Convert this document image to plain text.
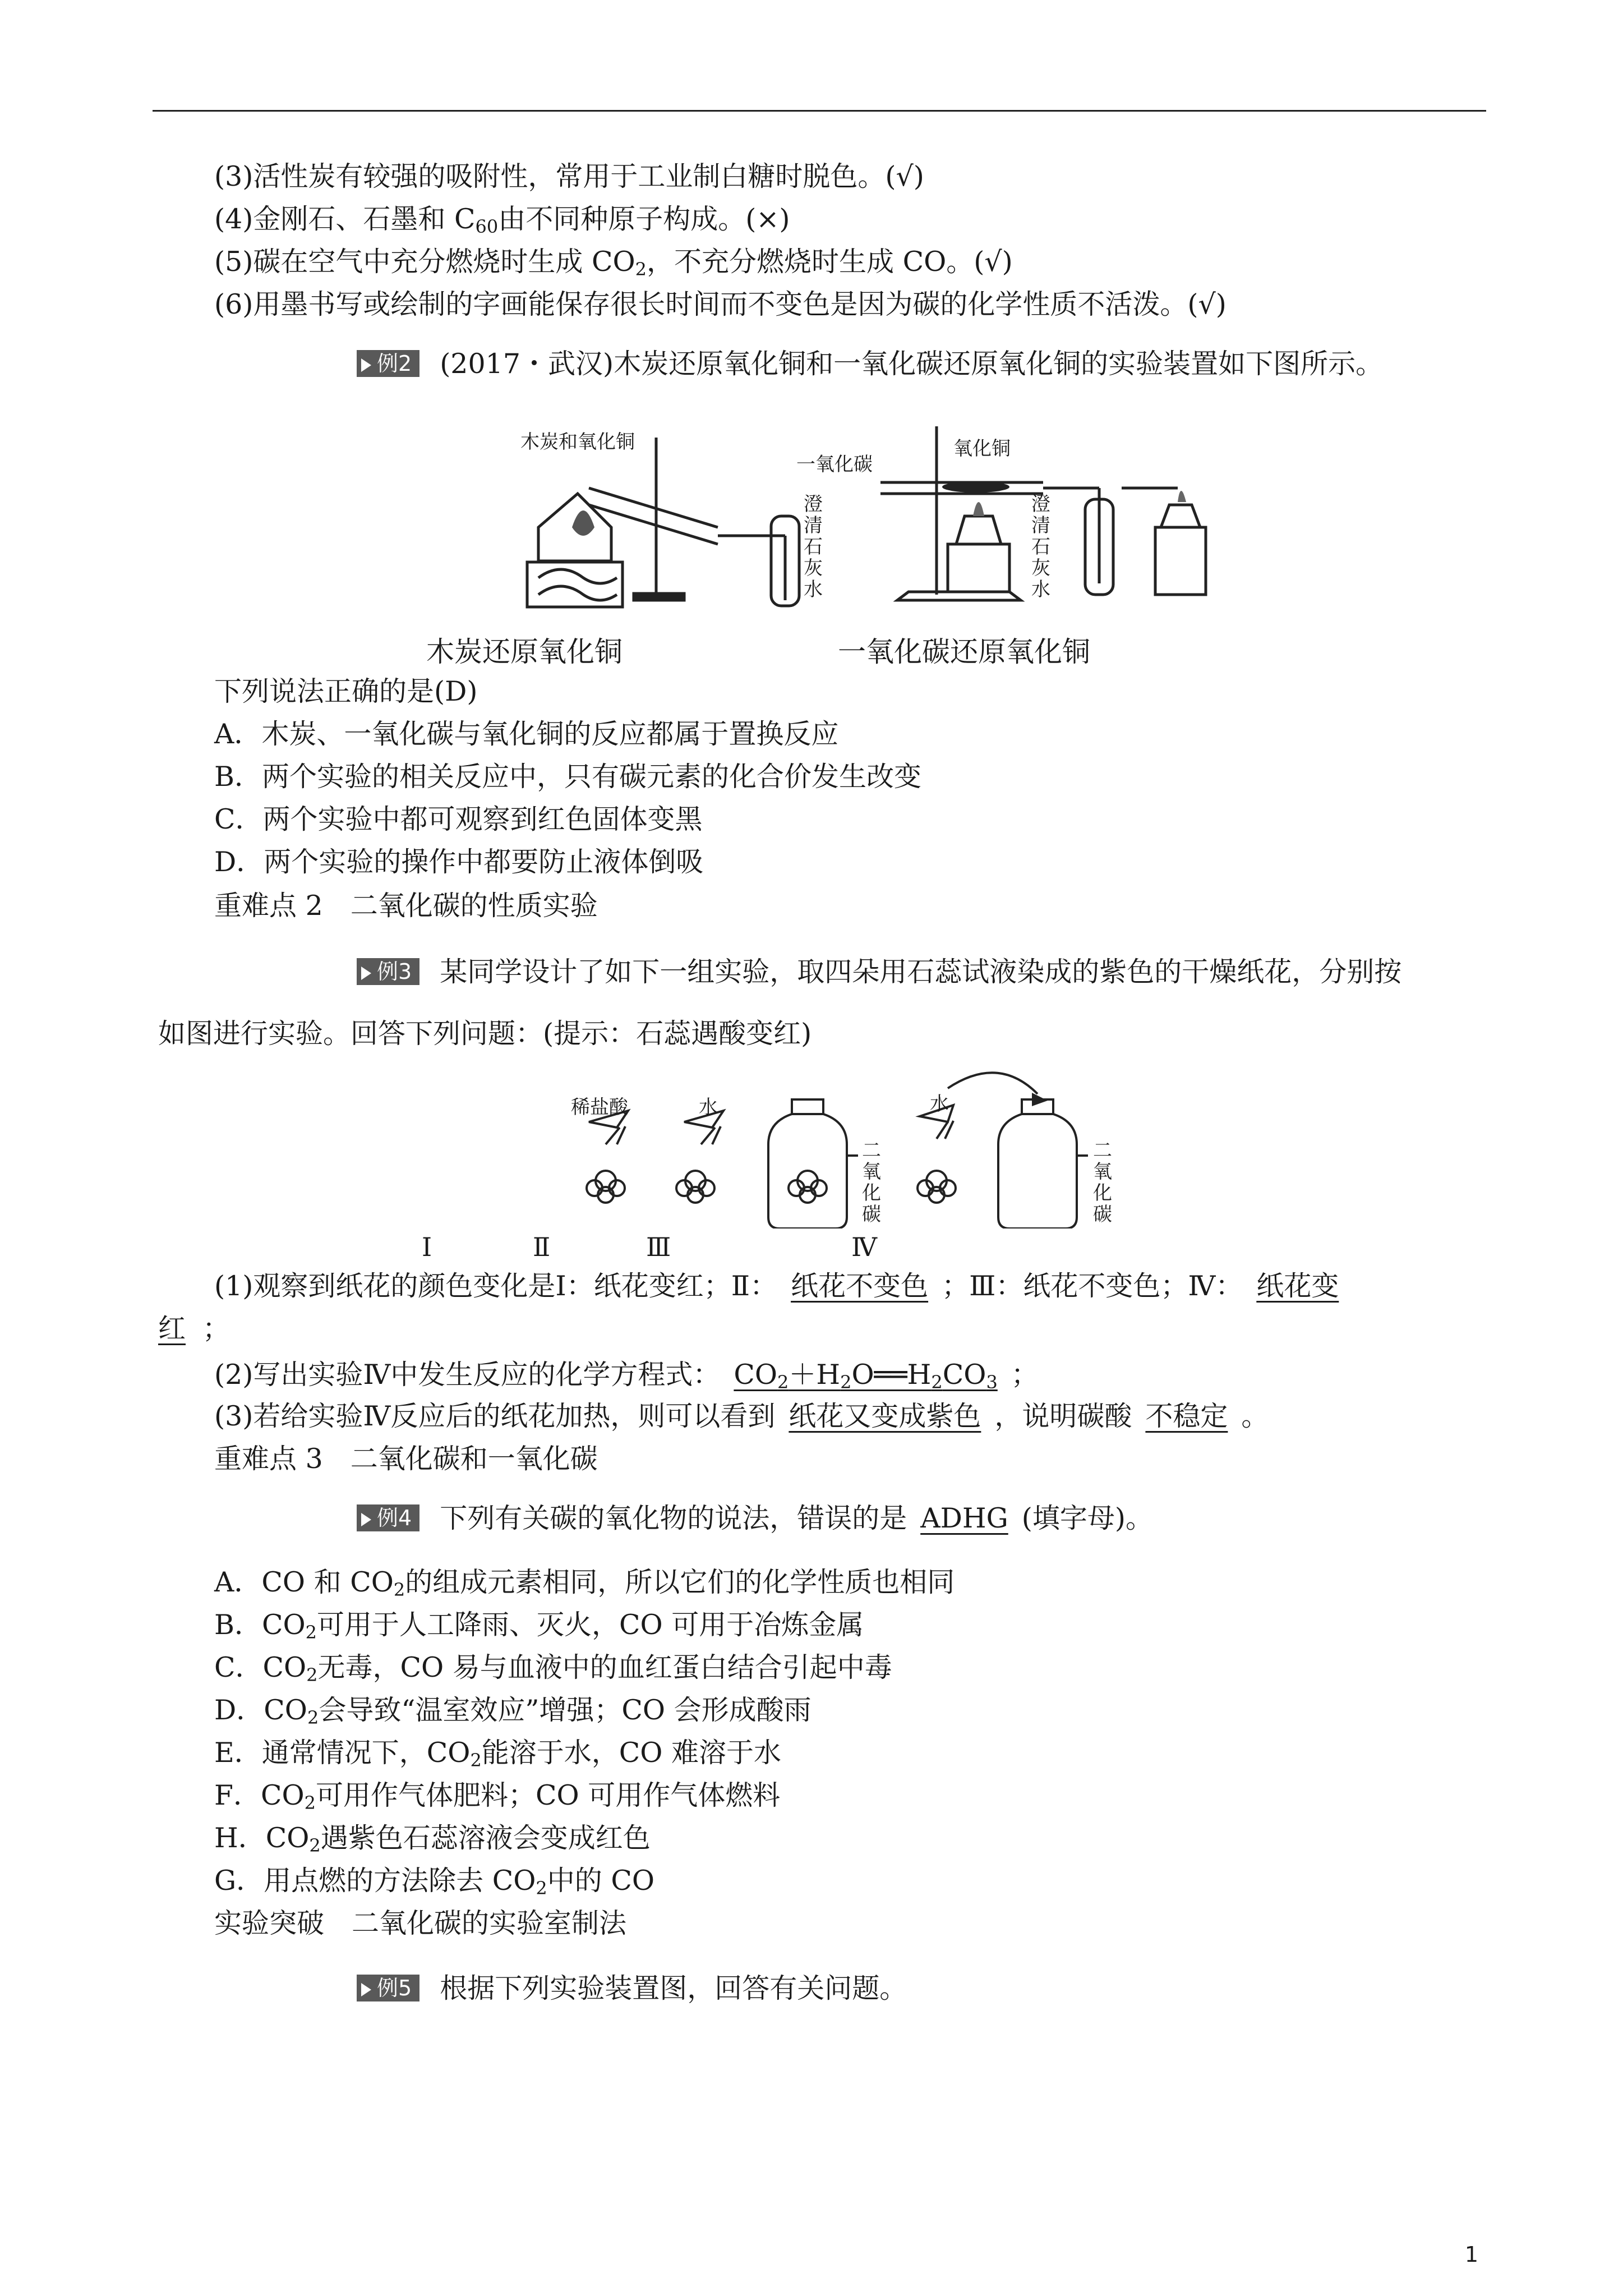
(3)活性炭有较强的吸附性，常用于工业制白糖时脱色。(√)
(4)金刚石、石墨和 $C_{60}$由不同种原子构成。(×)
(5)碳在空气中充分燃烧时生成 $CO_2$，不充分燃烧时生成 CO。(√)
(6)用墨书写或绘制的字画能保存很长时间而不变色是因为碳的化学性质不活泼。(√)
例2 (2017・武汉)木炭还原氧化铜和一氧化碳还原氧化铜的实验装置如下图所示。
木炭和氧化铜
澄清石灰水
一氧化碳
氧化铜
澄清石灰水
木炭还原氧化铜	一氧化碳还原氧化铜
下列说法正确的是(D)
A．木炭、一氧化碳与氧化铜的反应都属于置换反应
B．两个实验的相关反应中，只有碳元素的化合价发生改变
C．两个实验中都可观察到红色固体变黑
D．两个实验的操作中都要防止液体倒吸
重难点 2　二氧化碳的性质实验
例3 某同学设计了如下一组实验，取四朵用石蕊试液染成的紫色的干燥纸花，分别按
如图进行实验。回答下列问题：(提示：石蕊遇酸变红)
稀盐酸	水
二氧化碳
水
二氧化碳
Ⅰ	Ⅱ	Ⅲ	Ⅳ
(1)观察到纸花的颜色变化是Ⅰ：纸花变红；Ⅱ： 纸花不变色 ；Ⅲ：纸花不变色；Ⅳ： 纸花变
红 ；
(2)写出实验Ⅳ中发生反应的化学方程式： $CO_2+H_2O══H_2CO_3$ ；
(3)若给实验Ⅳ反应后的纸花加热，则可以看到 纸花又变成紫色 ，说明碳酸 不稳定 。
重难点 3　二氧化碳和一氧化碳
例4 下列有关碳的氧化物的说法，错误的是 ADHG (填字母)。
A．CO 和 $CO_2$的组成元素相同，所以它们的化学性质也相同
B．$CO_2$可用于人工降雨、灭火，CO 可用于冶炼金属
C．$CO_2$无毒，CO 易与血液中的血红蛋白结合引起中毒
D．$CO_2$会导致“温室效应”增强；CO 会形成酸雨
E．通常情况下，$CO_2$能溶于水，CO 难溶于水
F．$CO_2$可用作气体肥料；CO 可用作气体燃料
H．$CO_2$遇紫色石蕊溶液会变成红色
G．用点燃的方法除去 $CO_2$中的 CO
实验突破　二氧化碳的实验室制法
例5 根据下列实验装置图，回答有关问题。
1
